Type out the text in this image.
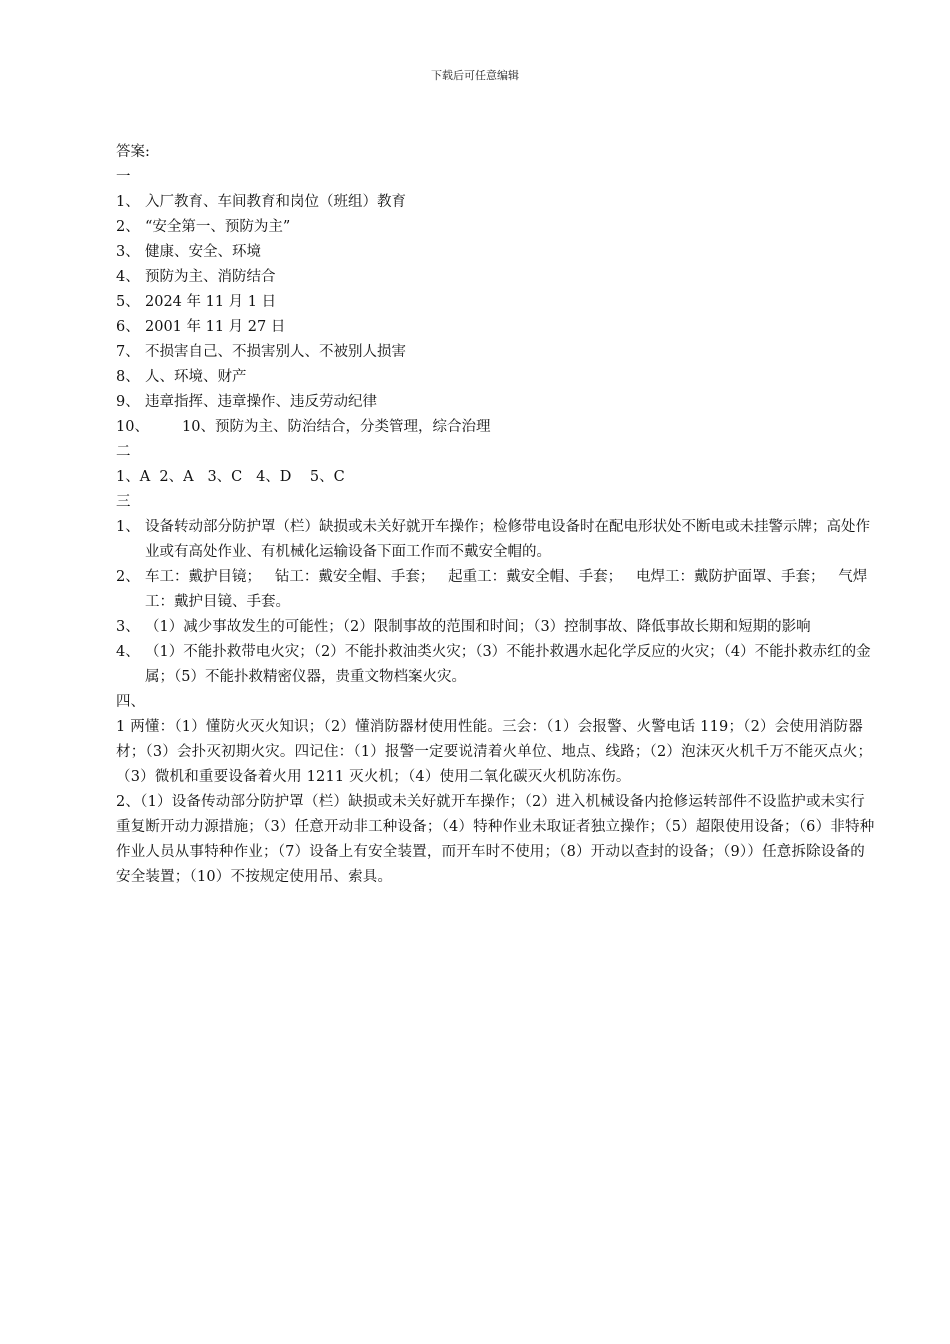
下载后可任意编辑
答案:
一
1、 入厂教育、车间教育和岗位（班组）教育
2、 “安全第一、预防为主”
3、 健康、安全、环境
4、 预防为主、消防结合
5、 2024 年 11 月 1 日
6、 2001 年 11 月 27 日
7、 不损害自己、不损害别人、不被别人损害
8、 人、环境、财产
9、 违章指挥、违章操作、违反劳动纪律
10、	10、预防为主、防治结合，分类管理，综合治理
二
1、A  2、A   3、C   4、D    5、C
三
1、 设备转动部分防护罩（栏）缺损或未关好就开车操作；检修带电设备时在配电形状处不断电或未挂警示牌；高处作业或有高处作业、有机械化运输设备下面工作而不戴安全帽的。
2、 车工：戴护目镜；   钻工：戴安全帽、手套；   起重工：戴安全帽、手套；   电焊工：戴防护面罩、手套；   气焊工：戴护目镜、手套。
3、 （1）减少事故发生的可能性；（2）限制事故的范围和时间；（3）控制事故、降低事故长期和短期的影响
4、 （1）不能扑救带电火灾；（2）不能扑救油类火灾；（3）不能扑救遇水起化学反应的火灾；（4）不能扑救赤红的金属；（5）不能扑救精密仪器，贵重文物档案火灾。
四、
1 两懂：（1）懂防火灭火知识；（2）懂消防器材使用性能。三会：（1）会报警、火警电话 119；（2）会使用消防器材；（3）会扑灭初期火灾。四记住：（1）报警一定要说清着火单位、地点、线路；（2）泡沫灭火机千万不能灭点火；（3）微机和重要设备着火用 1211 灭火机；（4）使用二氧化碳灭火机防冻伤。
2、（1）设备传动部分防护罩（栏）缺损或未关好就开车操作；（2）进入机械设备内抢修运转部件不设监护或未实行重复断开动力源措施；（3）任意开动非工种设备；（4）特种作业未取证者独立操作；（5）超限使用设备；（6）非特种作业人员从事特种作业；（7）设备上有安全装置，而开车时不使用；（8）开动以查封的设备；（9））任意拆除设备的安全装置；（10）不按规定使用吊、索具。
